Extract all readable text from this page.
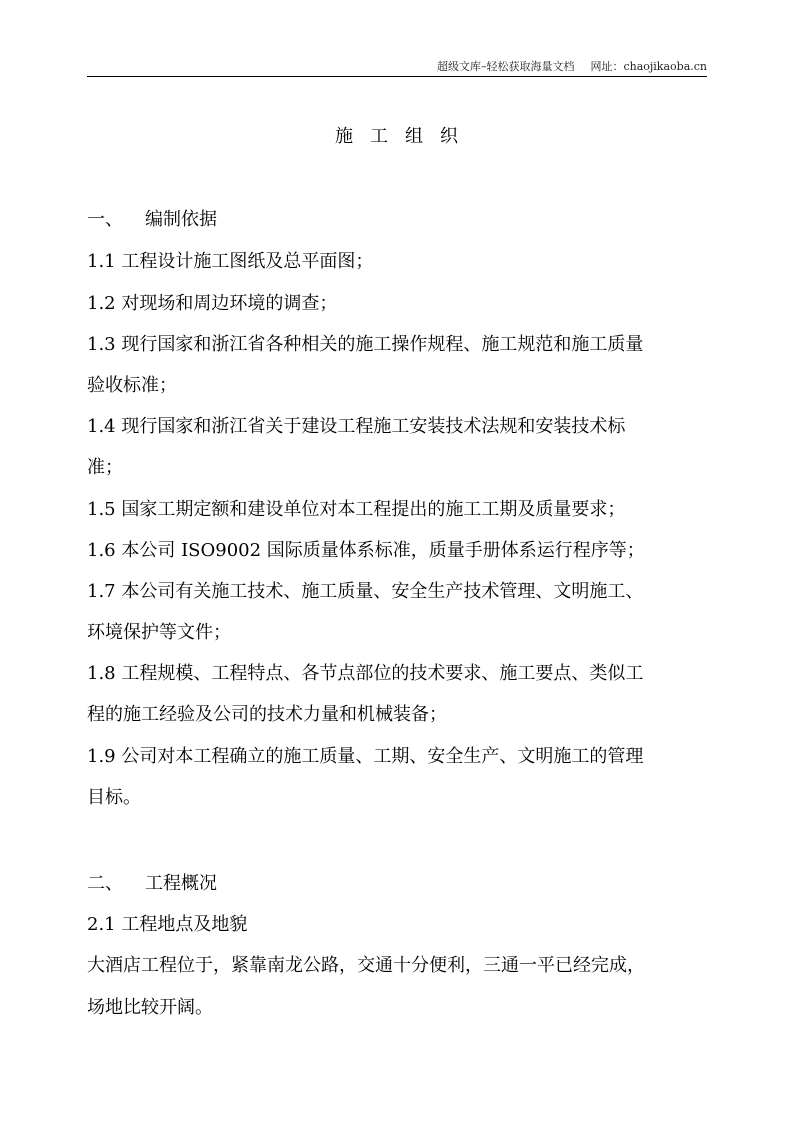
超级文库–轻松获取海量文档 网址：chaojikaoba.cn
施工组织
一、 编制依据
1.1 工程设计施工图纸及总平面图；
1.2 对现场和周边环境的调查；
1.3 现行国家和浙江省各种相关的施工操作规程、施工规范和施工质量
验收标准；
1.4 现行国家和浙江省关于建设工程施工安装技术法规和安装技术标
准；
1.5 国家工期定额和建设单位对本工程提出的施工工期及质量要求；
1.6 本公司 ISO9002 国际质量体系标准，质量手册体系运行程序等；
1.7 本公司有关施工技术、施工质量、安全生产技术管理、文明施工、
环境保护等文件；
1.8 工程规模、工程特点、各节点部位的技术要求、施工要点、类似工
程的施工经验及公司的技术力量和机械装备；
1.9 公司对本工程确立的施工质量、工期、安全生产、文明施工的管理
目标。
二、 工程概况
2.1 工程地点及地貌
大酒店工程位于，紧靠南龙公路，交通十分便利，三通一平已经完成，
场地比较开阔。
